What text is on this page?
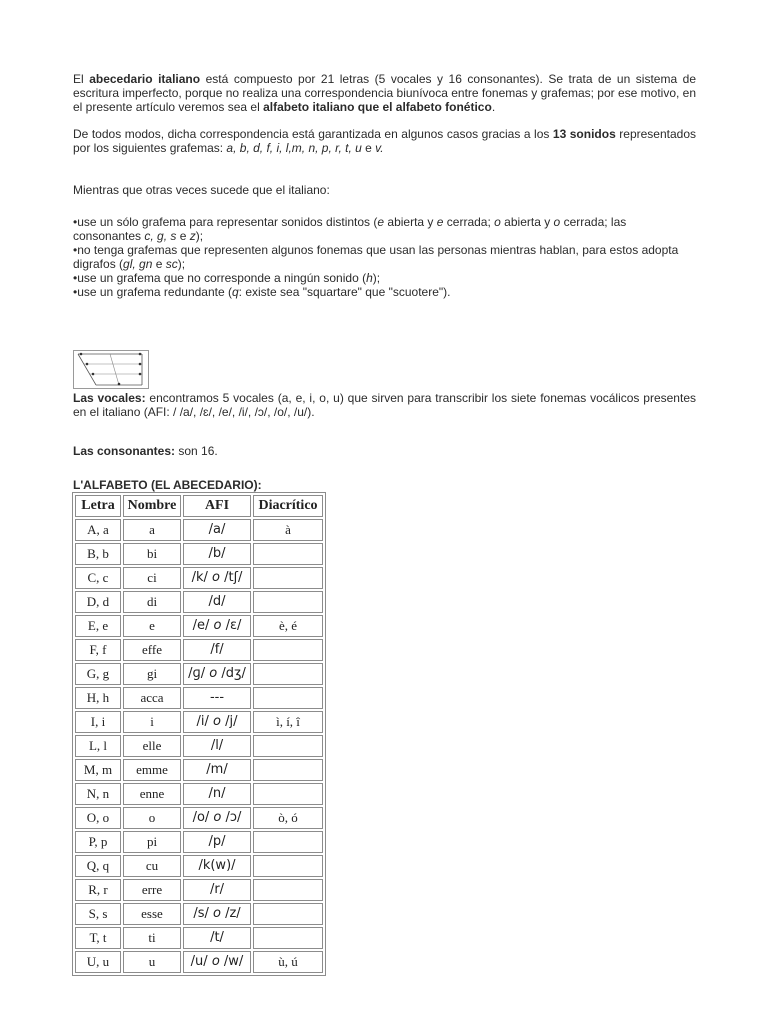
El abecedario italiano está compuesto por 21 letras (5 vocales y 16 consonantes). Se trata de un sistema de escritura imperfecto, porque no realiza una correspondencia biunívoca entre fonemas y grafemas; por ese motivo, en el presente artículo veremos sea el alfabeto italiano que el alfabeto fonético.

De todos modos, dicha correspondencia está garantizada en algunos casos gracias a los 13 sonidos representados por los siguientes grafemas: a, b, d, f, i, l,m, n, p, r, t, u e v.

Mientras que otras veces sucede que el italiano:

•use un sólo grafema para representar sonidos distintos (e abierta y e cerrada; o abierta y o cerrada; las consonantes c, g, s e z);

•no tenga grafemas que representen algunos fonemas que usan las personas mientras hablan, para estos adopta digrafos (gl, gn e sc);

•use un grafema que no corresponde a ningún sonido (h);

•use un grafema redundante (q: existe sea "squartare" que "scuotere").

Las vocales: encontramos 5 vocales (a, e, i, o, u) que sirven para transcribir los siete fonemas vocálicos presentes en el italiano (AFI: / /a/, /ɛ/, /e/, /i/, /ɔ/, /o/, /u/).

Las consonantes: son 16.

L'ALFABETO (EL ABECEDARIO):
Letra	Nombre	AFI	Diacrítico
A, a	a	/a/	à
B, b	bi	/b/	
C, c	ci	/k/ o /tʃ/	
D, d	di	/d/	
E, e	e	/e/ o /ɛ/	è, é
F, f	effe	/f/	
G, g	gi	/ɡ/ o /dʒ/	
H, h	acca	---	
I, i	i	/i/ o /j/	ì, í, î
L, l	elle	/l/	
M, m	emme	/m/	
N, n	enne	/n/	
O, o	o	/o/ o /ɔ/	ò, ó
P, p	pi	/p/	
Q, q	cu	/k(w)/	
R, r	erre	/r/	
S, s	esse	/s/ o /z/	
T, t	ti	/t/	
U, u	u	/u/ o /w/	ù, ú
